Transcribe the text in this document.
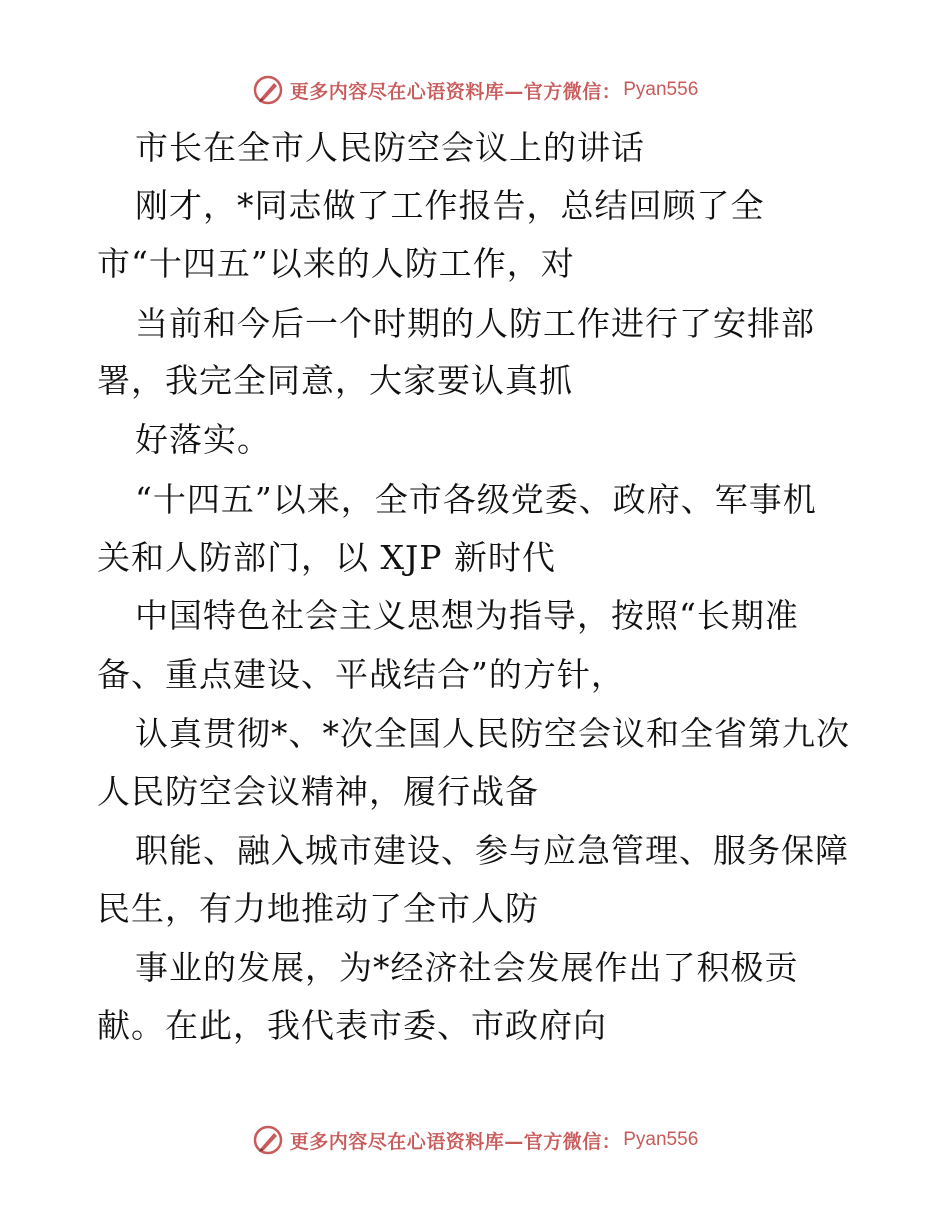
更多内容尽在心语资料库—官方微信： Pyan556
市长在全市人民防空会议上的讲话
刚才，*同志做了工作报告，总结回顾了全
市“十四五”以来的人防工作，对
当前和今后一个时期的人防工作进行了安排部
署，我完全同意，大家要认真抓
好落实。
“十四五”以来，全市各级党委、政府、军事机
关和人防部门，以 XJP 新时代
中国特色社会主义思想为指导，按照“长期准
备、重点建设、平战结合”的方针，
认真贯彻*、*次全国人民防空会议和全省第九次
人民防空会议精神，履行战备
职能、融入城市建设、参与应急管理、服务保障
民生，有力地推动了全市人防
事业的发展，为*经济社会发展作出了积极贡
献。在此，我代表市委、市政府向
更多内容尽在心语资料库—官方微信： Pyan556
